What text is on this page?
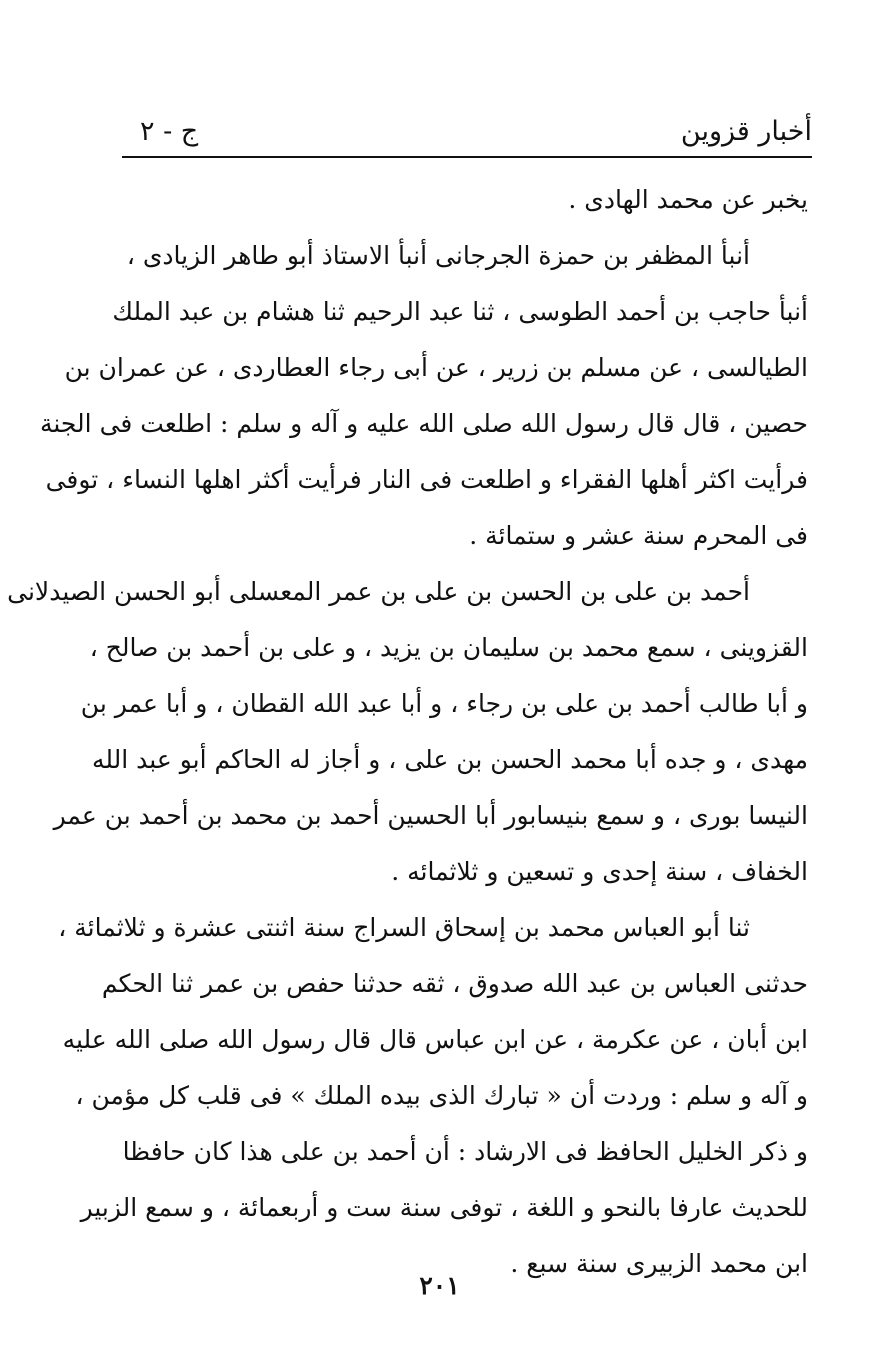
أخبار قزوين
ج - ٢
يخبر عن محمد الهادى .
أنبأ المظفر بن حمزة الجرجانى أنبأ الاستاذ أبو طاهر الزيادى ،
أنبأ حاجب بن أحمد الطوسى ، ثنا عبد الرحيم ثنا هشام بن عبد الملك
الطيالسى ، عن مسلم بن زرير ، عن أبى رجاء العطاردى ، عن عمران بن
حصين ، قال قال رسول الله صلى الله عليه و آله و سلم : اطلعت فى الجنة
فرأيت اكثر أهلها الفقراء و اطلعت فى النار فرأيت أكثر اهلها النساء ، توفى
فى المحرم سنة عشر و ستمائة .
أحمد بن على بن الحسن بن على بن عمر المعسلى أبو الحسن الصيدلانى
القزوينى ، سمع محمد بن سليمان بن يزيد ، و على بن أحمد بن صالح ،
و أبا طالب أحمد بن على بن رجاء ، و أبا عبد الله القطان ، و أبا عمر بن
مهدى ، و جده أبا محمد الحسن بن على ، و أجاز له الحاكم أبو عبد الله
النيسا بورى ، و سمع بنيسابور أبا الحسين أحمد بن محمد بن أحمد بن عمر
الخفاف ، سنة إحدى و تسعين و ثلاثمائه .
ثنا أبو العباس محمد بن إسحاق السراج سنة اثنتى عشرة و ثلاثمائة ،
حدثنى العباس بن عبد الله صدوق ، ثقه حدثنا حفص بن عمر ثنا الحكم
ابن أبان ، عن عكرمة ، عن ابن عباس قال قال رسول الله صلى الله عليه
و آله و سلم : وردت أن « تبارك الذى بيده الملك » فى قلب كل مؤمن ،
و ذكر الخليل الحافظ فى الارشاد : أن أحمد بن على هذا كان حافظا
للحديث عارفا بالنحو و اللغة ، توفى سنة ست و أربعمائة ، و سمع الزبير
ابن محمد الزبيرى سنة سبع .
٢٠١
